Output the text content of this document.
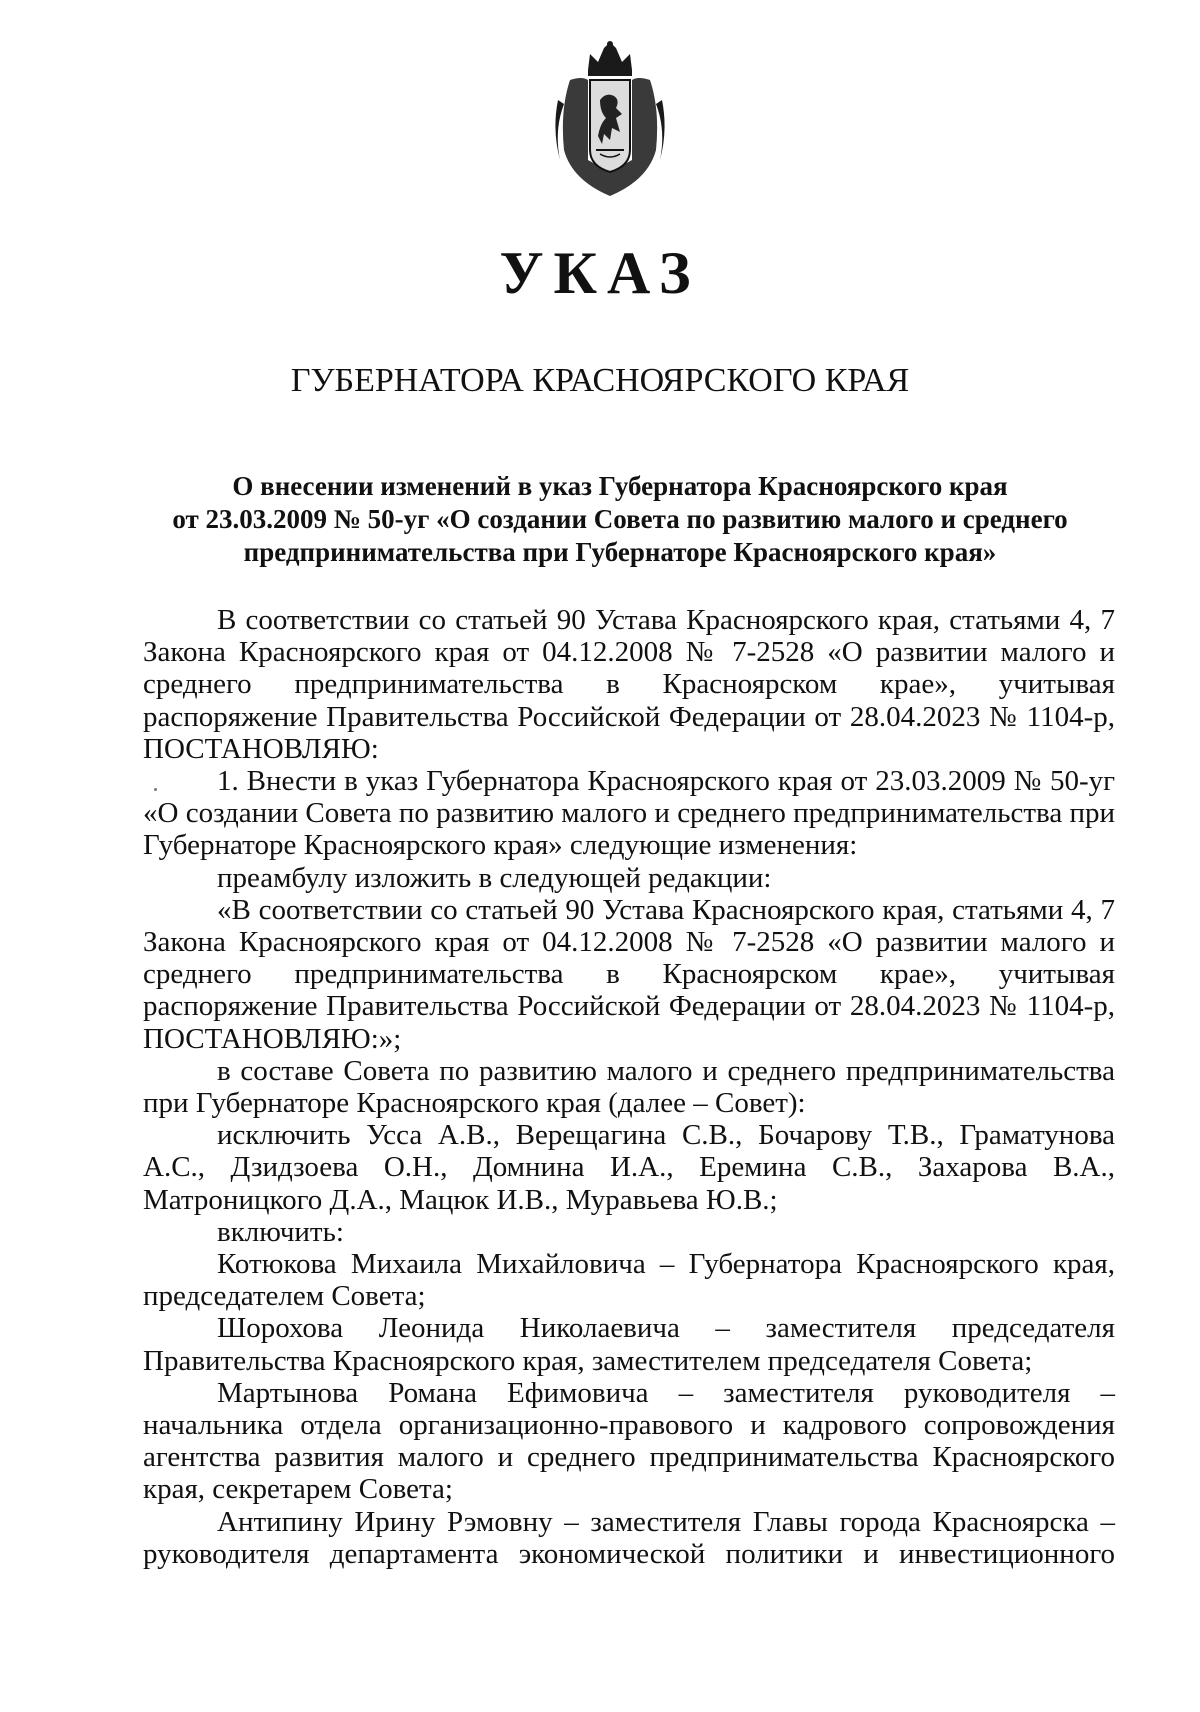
УКАЗ
ГУБЕРНАТОРА КРАСНОЯРСКОГО КРАЯ
О внесении изменений в указ Губернатора Красноярского края
от 23.03.2009 № 50-уг «О создании Совета по развитию малого и среднего
предпринимательства при Губернаторе Красноярского края»

В соответствии со статьей 90 Устава Красноярского края, статьями 4, 7 Закона Красноярского края от 04.12.2008 № 7-2528 «О развитии малого и среднего предпринимательства в Красноярском крае», учитывая распоряжение Правительства Российской Федерации от 28.04.2023 № 1104-р,

ПОСТАНОВЛЯЮ:

1. Внести в указ Губернатора Красноярского края от 23.03.2009 № 50-уг «О создании Совета по развитию малого и среднего предпринимательства при Губернаторе Красноярского края» следующие изменения:

преамбулу изложить в следующей редакции:

«В соответствии со статьей 90 Устава Красноярского края, статьями 4, 7 Закона Красноярского края от 04.12.2008 № 7-2528 «О развитии малого и среднего предпринимательства в Красноярском крае», учитывая распоряжение Правительства Российской Федерации от 28.04.2023 № 1104-р,

ПОСТАНОВЛЯЮ:»;

в составе Совета по развитию малого и среднего предпринимательства при Губернаторе Красноярского края (далее – Совет):

исключить Усса А.В., Верещагина С.В., Бочарову Т.В., Граматунова А.С., Дзидзоева О.Н., Домнина И.А., Еремина С.В., Захарова В.А., Матроницкого Д.А., Мацюк И.В., Муравьева Ю.В.;

включить:

Котюкова Михаила Михайловича – Губернатора Красноярского края, председателем Совета;

Шорохова Леонида Николаевича – заместителя председателя Правительства Красноярского края, заместителем председателя Совета;

Мартынова Романа Ефимовича – заместителя руководителя – начальника отдела организационно-правового и кадрового сопровождения агентства развития малого и среднего предпринимательства Красноярского края, секретарем Совета;

Антипину Ирину Рэмовну – заместителя Главы города Красноярска – руководителя департамента экономической политики и инвестиционного
